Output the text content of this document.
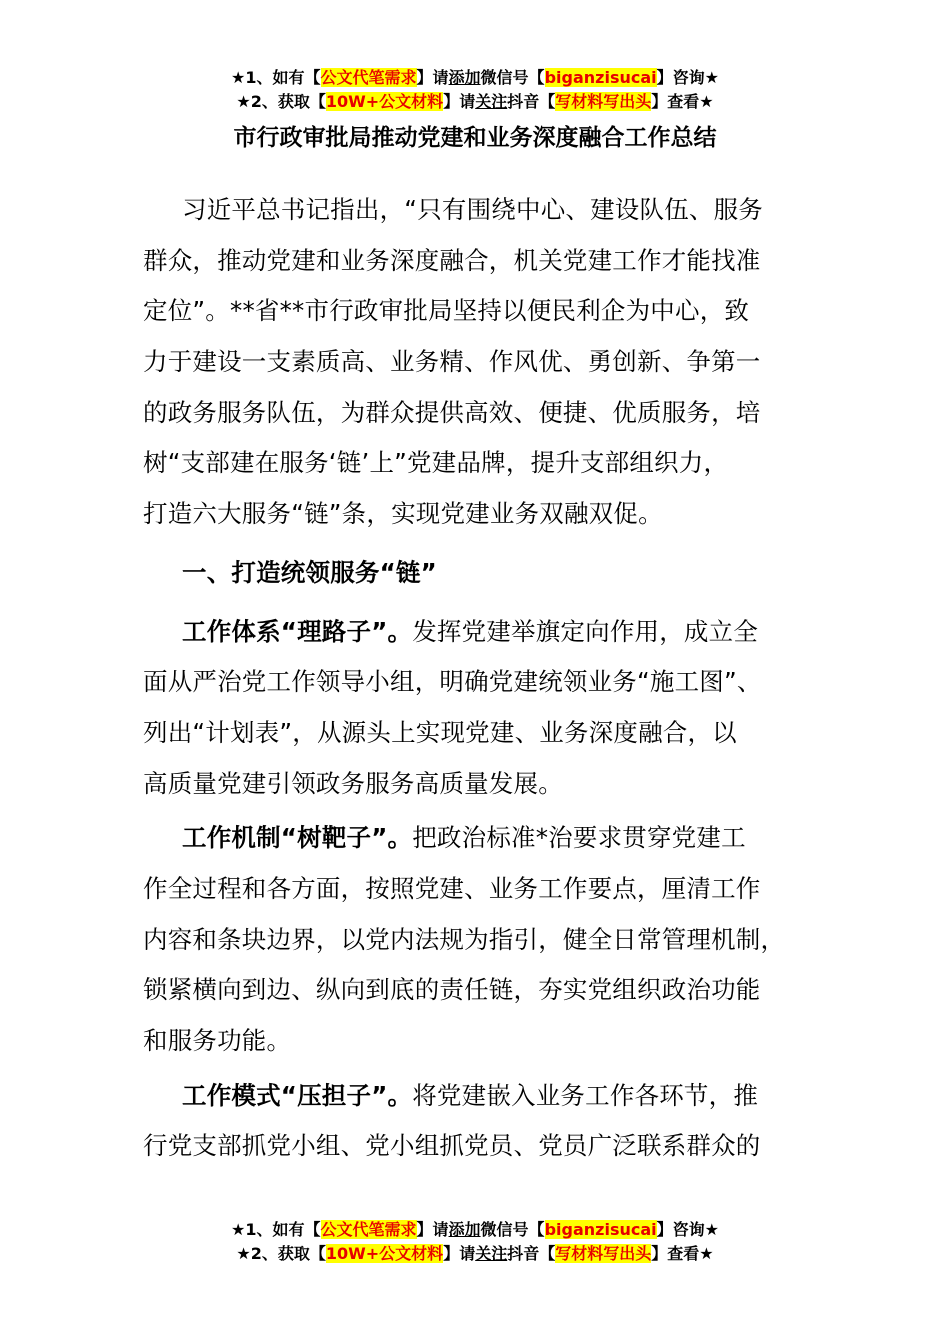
★1、如有【公文代笔需求】请添加微信号【biganzisucai】咨询★
★2、获取【10W+公文材料】请关注抖音【写材料写出头】查看★
市行政审批局推动党建和业务深度融合工作总结

习近平总书记指出，“只有围绕中心、建设队伍、服务
群众，推动党建和业务深度融合，机关党建工作才能找准
定位”。**省**市行政审批局坚持以便民利企为中心，致
力于建设一支素质高、业务精、作风优、勇创新、争第一
的政务服务队伍，为群众提供高效、便捷、优质服务，培
树“支部建在服务‘链’上”党建品牌，提升支部组织力，
打造六大服务“链”条，实现党建业务双融双促。

一、打造统领服务“链”

工作体系“理路子”。发挥党建举旗定向作用，成立全
面从严治党工作领导小组，明确党建统领业务“施工图”、
列出“计划表”，从源头上实现党建、业务深度融合，以
高质量党建引领政务服务高质量发展。

工作机制“树靶子”。把政治标准*治要求贯穿党建工
作全过程和各方面，按照党建、业务工作要点，厘清工作
内容和条块边界，以党内法规为指引，健全日常管理机制，
锁紧横向到边、纵向到底的责任链，夯实党组织政治功能
和服务功能。

工作模式“压担子”。将党建嵌入业务工作各环节，推
行党支部抓党小组、党小组抓党员、党员广泛联系群众的

★1、如有【公文代笔需求】请添加微信号【biganzisucai】咨询★
★2、获取【10W+公文材料】请关注抖音【写材料写出头】查看★
